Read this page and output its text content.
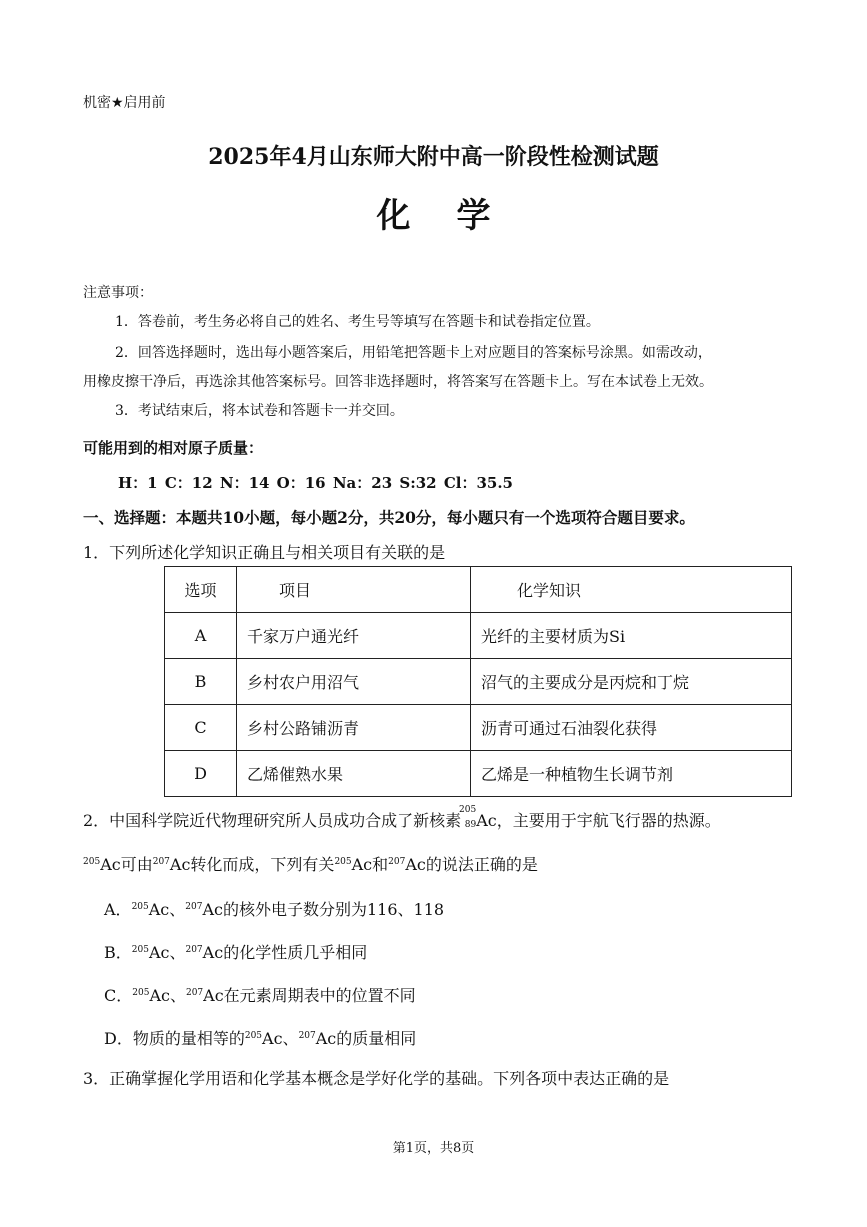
机密★启用前
2025年4月山东师大附中高一阶段性检测试题
化学
注意事项：
1．答卷前，考生务必将自己的姓名、考生号等填写在答题卡和试卷指定位置。
2．回答选择题时，选出每小题答案后，用铅笔把答题卡上对应题目的答案标号涂黑。如需改动，
用橡皮擦干净后，再选涂其他答案标号。回答非选择题时，将答案写在答题卡上。写在本试卷上无效。
3．考试结束后，将本试卷和答题卡一并交回。
可能用到的相对原子质量：
H：1 C：12 N：14 O：16 Na：23 S:32 Cl：35.5
一、选择题：本题共10小题，每小题2分，共20分，每小题只有一个选项符合题目要求。
1．下列所述化学知识正确且与相关项目有关联的是
选项	项目	化学知识
A	千家万户通光纤	光纤的主要材质为Si
B	乡村农户用沼气	沼气的主要成分是丙烷和丁烷
C	乡村公路铺沥青	沥青可通过石油裂化获得
D	乙烯催熟水果	乙烯是一种植物生长调节剂
2．中国科学院近代物理研究所人员成功合成了新核素
205
89 Ac，主要用于宇航飞行器的热源。
$^{205}$Ac可由$^{207}$Ac转化而成，下列有关$^{205}$Ac和$^{207}$Ac的说法正确的是
A．$^{205}$Ac、$^{207}$Ac的核外电子数分别为116、118
B．$^{205}$Ac、$^{207}$Ac的化学性质几乎相同
C．$^{205}$Ac、$^{207}$Ac在元素周期表中的位置不同
D．物质的量相等的$^{205}$Ac、$^{207}$Ac的质量相同
3．正确掌握化学用语和化学基本概念是学好化学的基础。下列各项中表达正确的是
第1页，共8页
